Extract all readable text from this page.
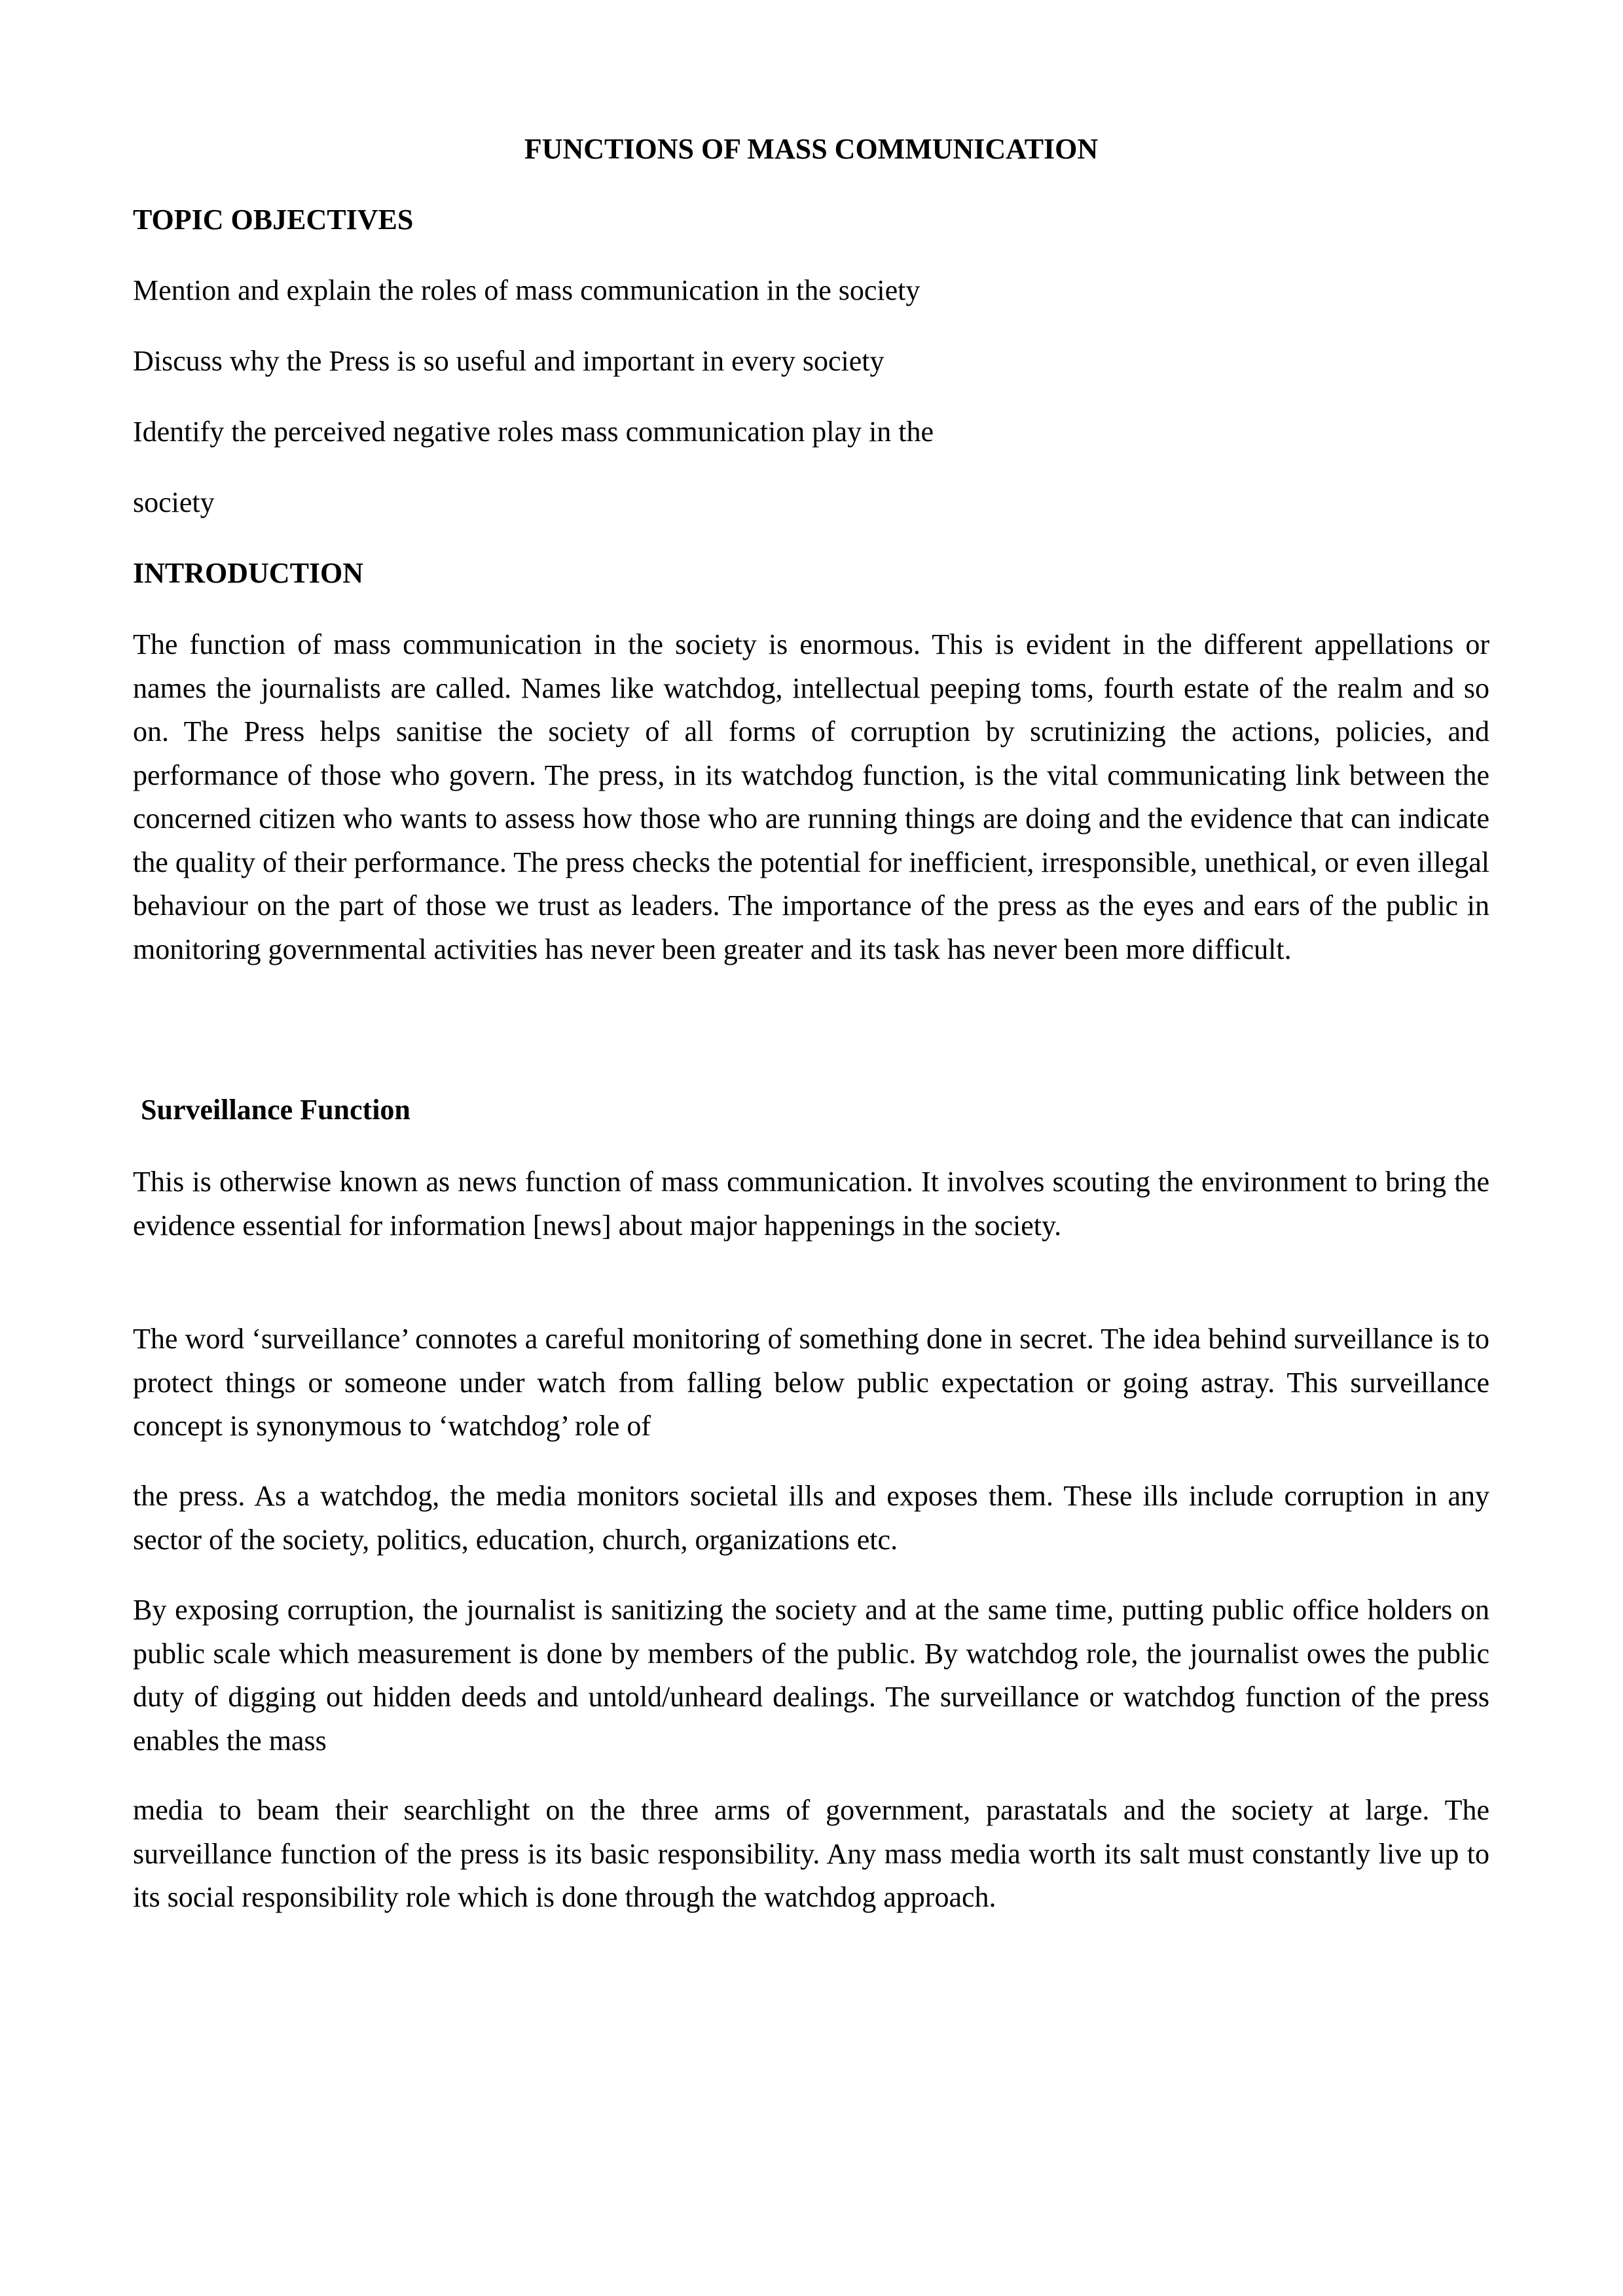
FUNCTIONS OF MASS COMMUNICATION
TOPIC OBJECTIVES
Mention and explain the roles of mass communication in the society
Discuss why the Press is so useful and important in every society
Identify the perceived negative roles mass communication play in the
society
INTRODUCTION

The function of mass communication in the society is enormous. This is evident in the different appellations or names the journalists are called. Names like watchdog, intellectual peeping toms, fourth estate of the realm and so on. The Press helps sanitise the society of all forms of corruption by scrutinizing the actions, policies, and performance of those who govern. The press, in its watchdog function, is the vital communicating link between the concerned citizen who wants to assess how those who are running things are doing and the evidence that can indicate the quality of their performance. The press checks the potential for inefficient, irresponsible, unethical, or even illegal behaviour on the part of those we trust as leaders. The importance of the press as the eyes and ears of the public in monitoring governmental activities has never been greater and its task has never been more difficult.

Surveillance Function

This is otherwise known as news function of mass communication. It involves scouting the environment to bring the evidence essential for information [news] about major happenings in the society.

The word ‘surveillance’ connotes a careful monitoring of something done in secret. The idea behind surveillance is to protect things or someone under watch from falling below public expectation or going astray. This surveillance concept is synonymous to ‘watchdog’ role of

the press. As a watchdog, the media monitors societal ills and exposes them. These ills include corruption in any sector of the society, politics, education, church, organizations etc.

By exposing corruption, the journalist is sanitizing the society and at the same time, putting public office holders on public scale which measurement is done by members of the public. By watchdog role, the journalist owes the public duty of digging out hidden deeds and untold/unheard dealings. The surveillance or watchdog function of the press enables the mass

media to beam their searchlight on the three arms of government, parastatals and the society at large. The surveillance function of the press is its basic responsibility. Any mass media worth its salt must constantly live up to its social responsibility role which is done through the watchdog approach.
